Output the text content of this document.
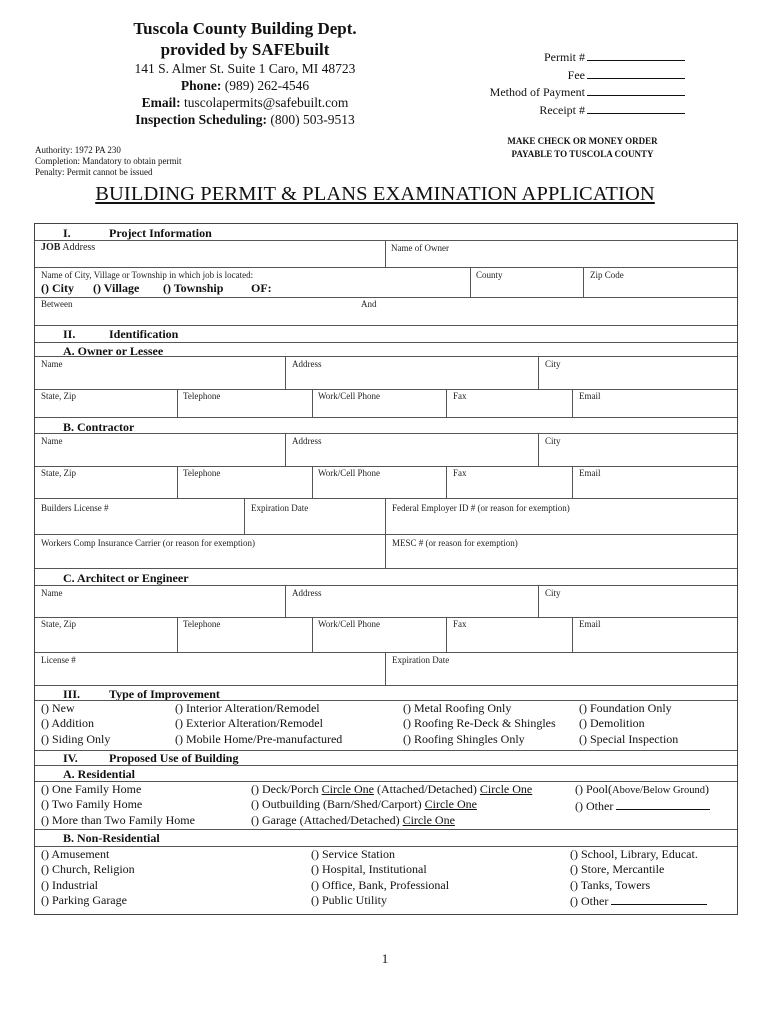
Tuscola County Building Dept.
provided by SAFEbuilt
141 S. Almer St. Suite 1 Caro, MI 48723
Phone: (989) 262-4546
Email: tuscolapermits@safebuilt.com
Inspection Scheduling: (800) 503-9513
Permit #
Fee
Method of Payment
Receipt #
MAKE CHECK OR MONEY ORDER
PAYABLE TO TUSCOLA COUNTY
Authority: 1972 PA 230
Completion: Mandatory to obtain permit
Penalty: Permit cannot be issued
BUILDING PERMIT & PLANS EXAMINATION APPLICATION
I.	Project Information
JOB Address	Name of Owner
Name of City, Village or Township in which job is located:
() City () Village () Township OF:
County	Zip Code
Between	And
II.	Identification
A. Owner or Lessee
Name	Address	City
State, Zip	Telephone	Work/Cell Phone	Fax	Email
B. Contractor
Name	Address	City
State, Zip	Telephone	Work/Cell Phone	Fax	Email
Builders License #	Expiration Date	Federal Employer ID # (or reason for exemption)
Workers Comp Insurance Carrier (or reason for exemption)	MESC # (or reason for exemption)
C. Architect or Engineer
Name	Address	City
State, Zip	Telephone	Work/Cell Phone	Fax	Email
License #	Expiration Date
III. Type of Improvement
() New
() Addition
() Siding Only
() Interior Alteration/Remodel
() Exterior Alteration/Remodel
() Mobile Home/Pre-manufactured
() Metal Roofing Only
() Roofing Re-Deck & Shingles
() Roofing Shingles Only
() Foundation Only
() Demolition
() Special Inspection
IV.	Proposed Use of Building
A. Residential
() One Family Home
() Two Family Home
() More than Two Family Home
() Deck/Porch Circle One (Attached/Detached) Circle One
() Outbuilding (Barn/Shed/Carport) Circle One
() Garage (Attached/Detached) Circle One
() Pool(Above/Below Ground)
() Other
B. Non-Residential
() Amusement
() Church, Religion
() Industrial
() Parking Garage
() Service Station
() Hospital, Institutional
() Office, Bank, Professional
() Public Utility
() School, Library, Educat.
() Store, Mercantile
() Tanks, Towers
() Other
1
